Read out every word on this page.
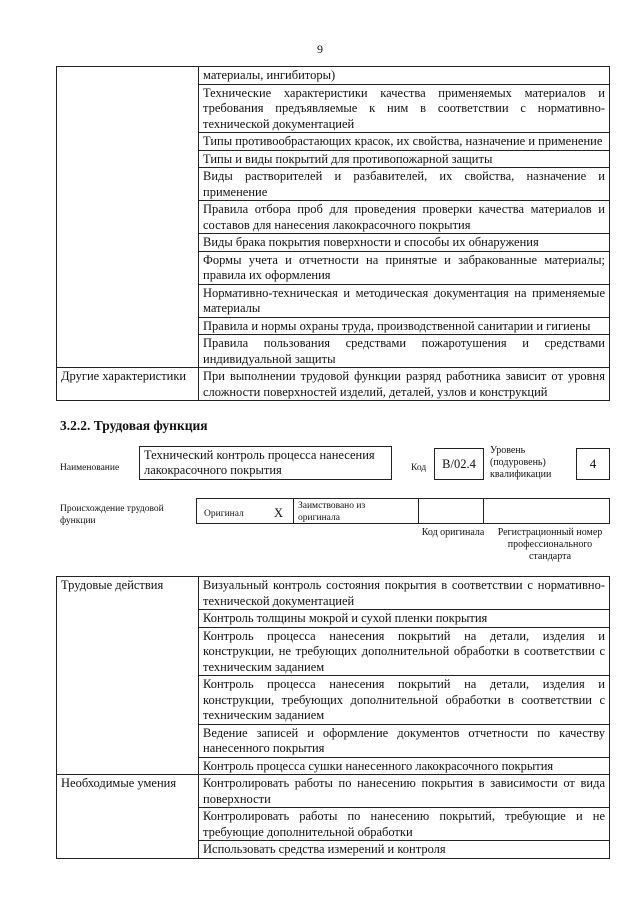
9
	материалы, ингибиторы)
	Технические характеристики качества применяемых материалов и требования предъявляемые к ним в соответствии с нормативно-технической документацией
	Типы противообрастающих красок, их свойства, назначение и применение
	Типы и виды покрытий для противопожарной защиты
	Виды растворителей и разбавителей, их свойства, назначение и применение
	Правила отбора проб для проведения проверки качества материалов и составов для нанесения лакокрасочного покрытия
	Виды брака покрытия поверхности и способы их обнаружения
	Формы учета и отчетности на принятые и забракованные материалы; правила их оформления
	Нормативно-техническая и методическая документация на применяемые материалы
	Правила и нормы охраны труда, производственной санитарии и гигиены
	Правила пользования средствами пожаротушения и средствами индивидуальной защиты
Другие характеристики	При выполнении трудовой функции разряд работника зависит от уровня сложности поверхностей изделий, деталей, узлов и конструкций
3.2.2. Трудовая функция
Наименование
Технический контроль процесса нанесения лакокрасочного покрытия	Код	B/02.4
Уровень (подуровень) квалификации
4
Происхождение трудовой функции
Оригинал X Заимствовано из оригинала
Код оригинала	Регистрационный номер профессионального стандарта
Трудовые действия	Визуальный контроль состояния покрытия в соответствии с нормативно-технической документацией
	Контроль толщины мокрой и сухой пленки покрытия
	Контроль процесса нанесения покрытий на детали, изделия и конструкции, не требующих дополнительной обработки в соответствии с техническим заданием
	Контроль процесса нанесения покрытий на детали, изделия и конструкции, требующих дополнительной обработки в соответствии с техническим заданием
	Ведение записей и оформление документов отчетности по качеству нанесенного покрытия
	Контроль процесса сушки нанесенного лакокрасочного покрытия
Необходимые умения	Контролировать работы по нанесению покрытия в зависимости от вида поверхности
	Контролировать работы по нанесению покрытий, требующие и не требующие дополнительной обработки
	Использовать средства измерений и контроля
